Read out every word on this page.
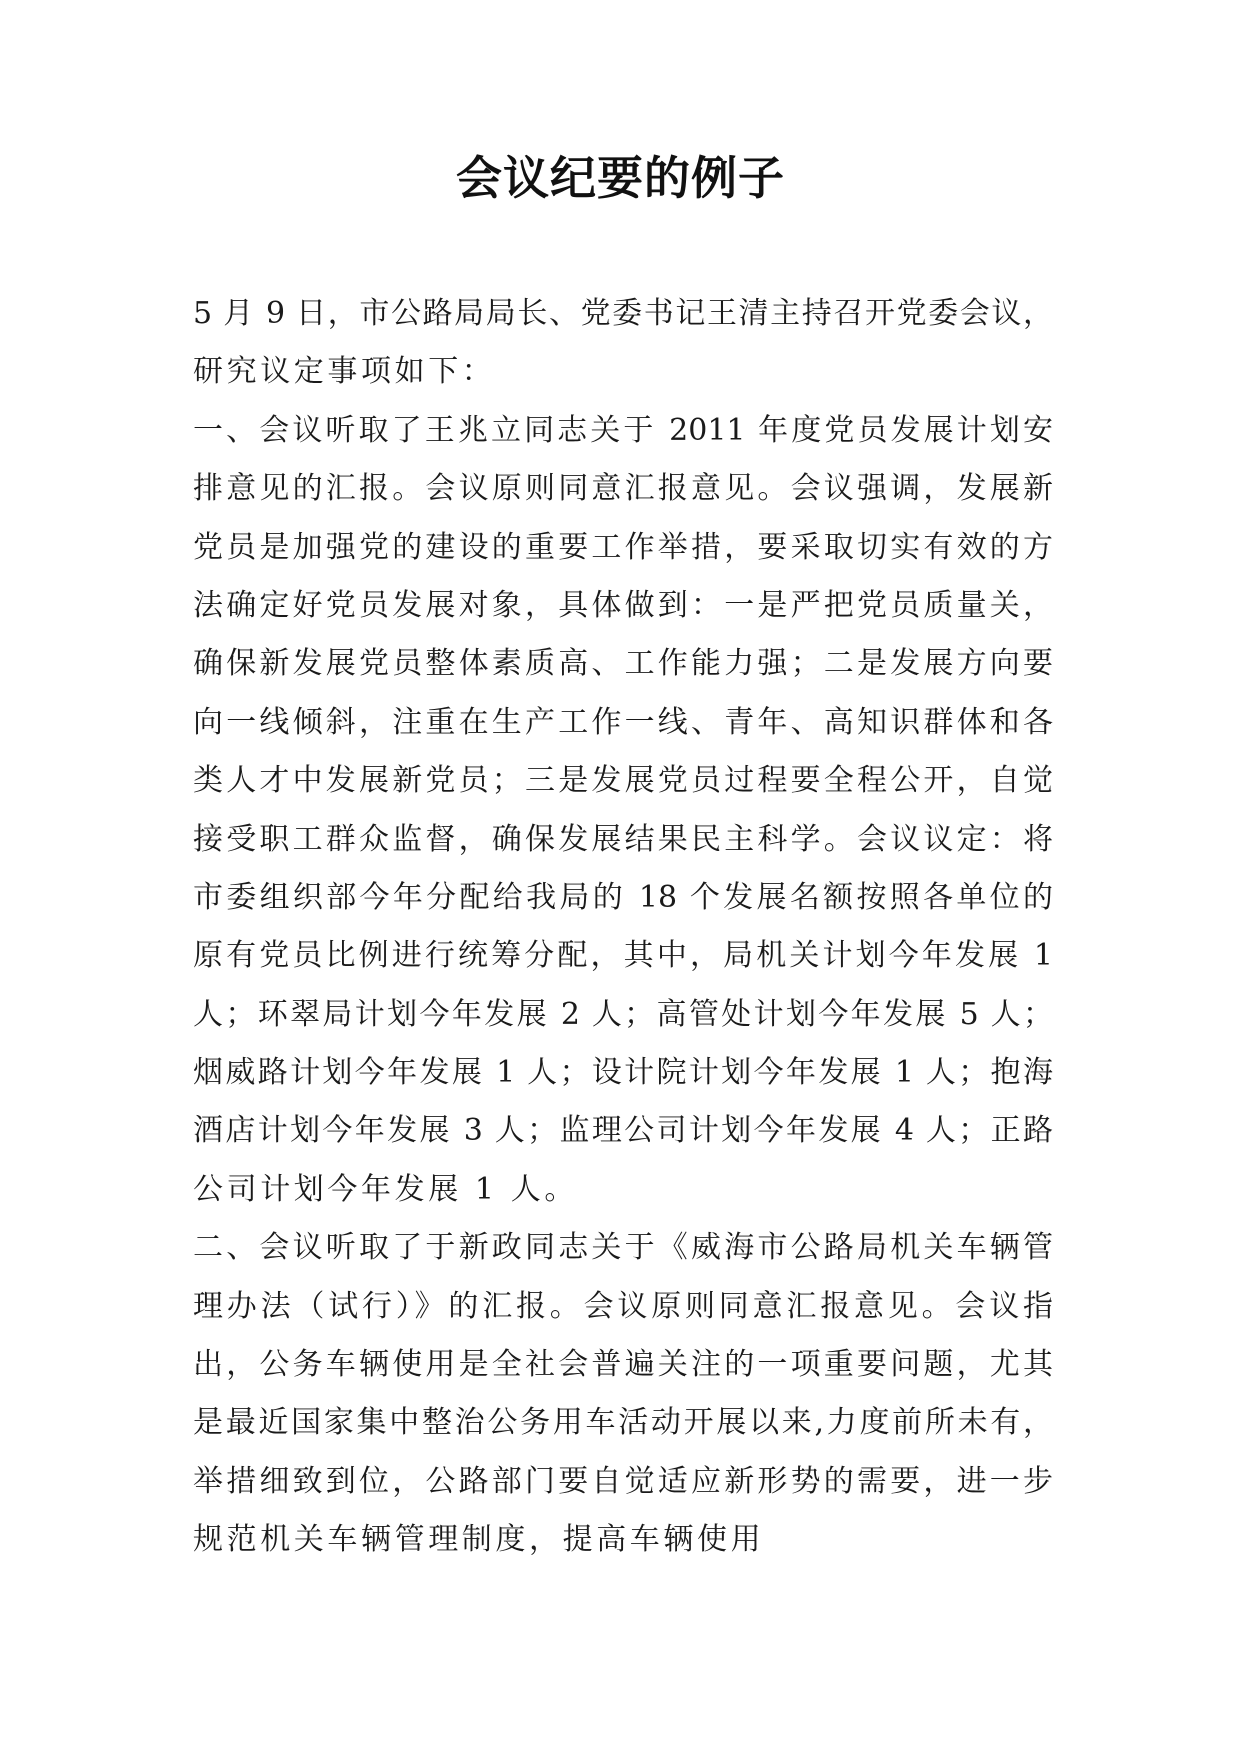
会议纪要的例子
5 月 9 日，市公路局局长、党委书记王清主持召开党委会议，
研究议定事项如下：
一、会议听取了王兆立同志关于 2011 年度党员发展计划安
排意见的汇报。会议原则同意汇报意见。会议强调，发展新
党员是加强党的建设的重要工作举措，要采取切实有效的方
法确定好党员发展对象，具体做到：一是严把党员质量关，
确保新发展党员整体素质高、工作能力强；二是发展方向要
向一线倾斜，注重在生产工作一线、青年、高知识群体和各
类人才中发展新党员；三是发展党员过程要全程公开，自觉
接受职工群众监督，确保发展结果民主科学。会议议定：将
市委组织部今年分配给我局的 18 个发展名额按照各单位的
原有党员比例进行统筹分配，其中，局机关计划今年发展 1
人；环翠局计划今年发展 2 人；高管处计划今年发展 5 人；
烟威路计划今年发展 1 人；设计院计划今年发展 1 人；抱海
酒店计划今年发展 3 人；监理公司计划今年发展 4 人；正路
公司计划今年发展 1 人。
二、会议听取了于新政同志关于《威海市公路局机关车辆管
理办法（试行）》的汇报。会议原则同意汇报意见。会议指
出，公务车辆使用是全社会普遍关注的一项重要问题，尤其
是最近国家集中整治公务用车活动开展以来,力度前所未有，
举措细致到位，公路部门要自觉适应新形势的需要，进一步
规范机关车辆管理制度，提高车辆使用
